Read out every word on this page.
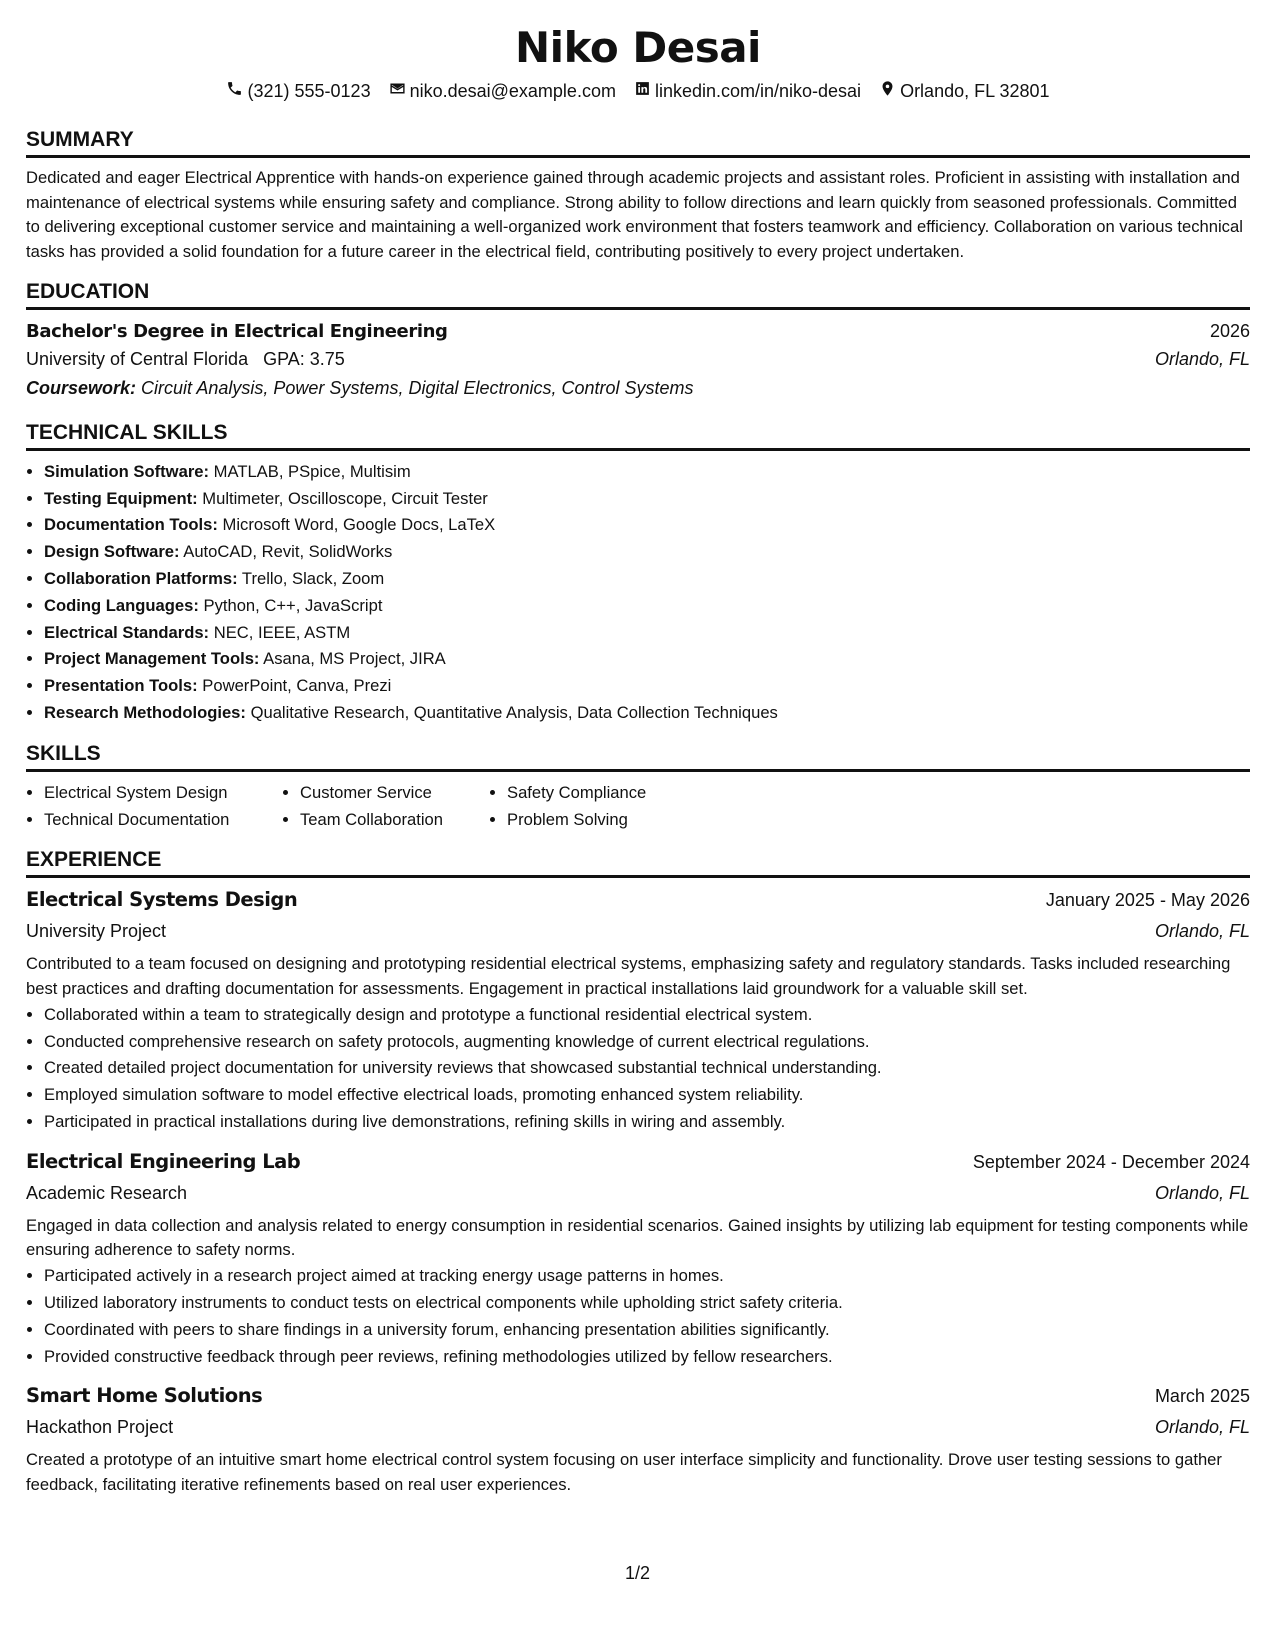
Niko Desai
(321) 555-0123 niko.desai@example.com linkedin.com/in/niko-desai Orlando, FL 32801
SUMMARY
Dedicated and eager Electrical Apprentice with hands-on experience gained through academic projects and assistant roles. Proficient in assisting with installation and maintenance of electrical systems while ensuring safety and compliance. Strong ability to follow directions and learn quickly from seasoned professionals. Committed to delivering exceptional customer service and maintaining a well-organized work environment that fosters teamwork and efficiency. Collaboration on various technical tasks has provided a solid foundation for a future career in the electrical field, contributing positively to every project undertaken.
EDUCATION
Bachelor's Degree in Electrical Engineering	2026
University of Central Florida GPA: 3.75	Orlando, FL
Coursework: Circuit Analysis, Power Systems, Digital Electronics, Control Systems
TECHNICAL SKILLS
• Simulation Software: MATLAB, PSpice, Multisim
• Testing Equipment: Multimeter, Oscilloscope, Circuit Tester
• Documentation Tools: Microsoft Word, Google Docs, LaTeX
• Design Software: AutoCAD, Revit, SolidWorks
• Collaboration Platforms: Trello, Slack, Zoom
• Coding Languages: Python, C++, JavaScript
• Electrical Standards: NEC, IEEE, ASTM
• Project Management Tools: Asana, MS Project, JIRA
• Presentation Tools: PowerPoint, Canva, Prezi
• Research Methodologies: Qualitative Research, Quantitative Analysis, Data Collection Techniques
SKILLS
Electrical System Design	Customer Service	Safety Compliance
Technical Documentation	Team Collaboration	Problem Solving
EXPERIENCE
Electrical Systems Design	January 2025 - May 2026
University Project	Orlando, FL
Contributed to a team focused on designing and prototyping residential electrical systems, emphasizing safety and regulatory standards. Tasks included researching best practices and drafting documentation for assessments. Engagement in practical installations laid groundwork for a valuable skill set.
• Collaborated within a team to strategically design and prototype a functional residential electrical system.
• Conducted comprehensive research on safety protocols, augmenting knowledge of current electrical regulations.
• Created detailed project documentation for university reviews that showcased substantial technical understanding.
• Employed simulation software to model effective electrical loads, promoting enhanced system reliability.
• Participated in practical installations during live demonstrations, refining skills in wiring and assembly.
Electrical Engineering Lab	September 2024 - December 2024
Academic Research	Orlando, FL
Engaged in data collection and analysis related to energy consumption in residential scenarios. Gained insights by utilizing lab equipment for testing components while ensuring adherence to safety norms.
• Participated actively in a research project aimed at tracking energy usage patterns in homes.
• Utilized laboratory instruments to conduct tests on electrical components while upholding strict safety criteria.
• Coordinated with peers to share findings in a university forum, enhancing presentation abilities significantly.
• Provided constructive feedback through peer reviews, refining methodologies utilized by fellow researchers.
Smart Home Solutions	March 2025
Hackathon Project	Orlando, FL
Created a prototype of an intuitive smart home electrical control system focusing on user interface simplicity and functionality. Drove user testing sessions to gather feedback, facilitating iterative refinements based on real user experiences.
1/2
